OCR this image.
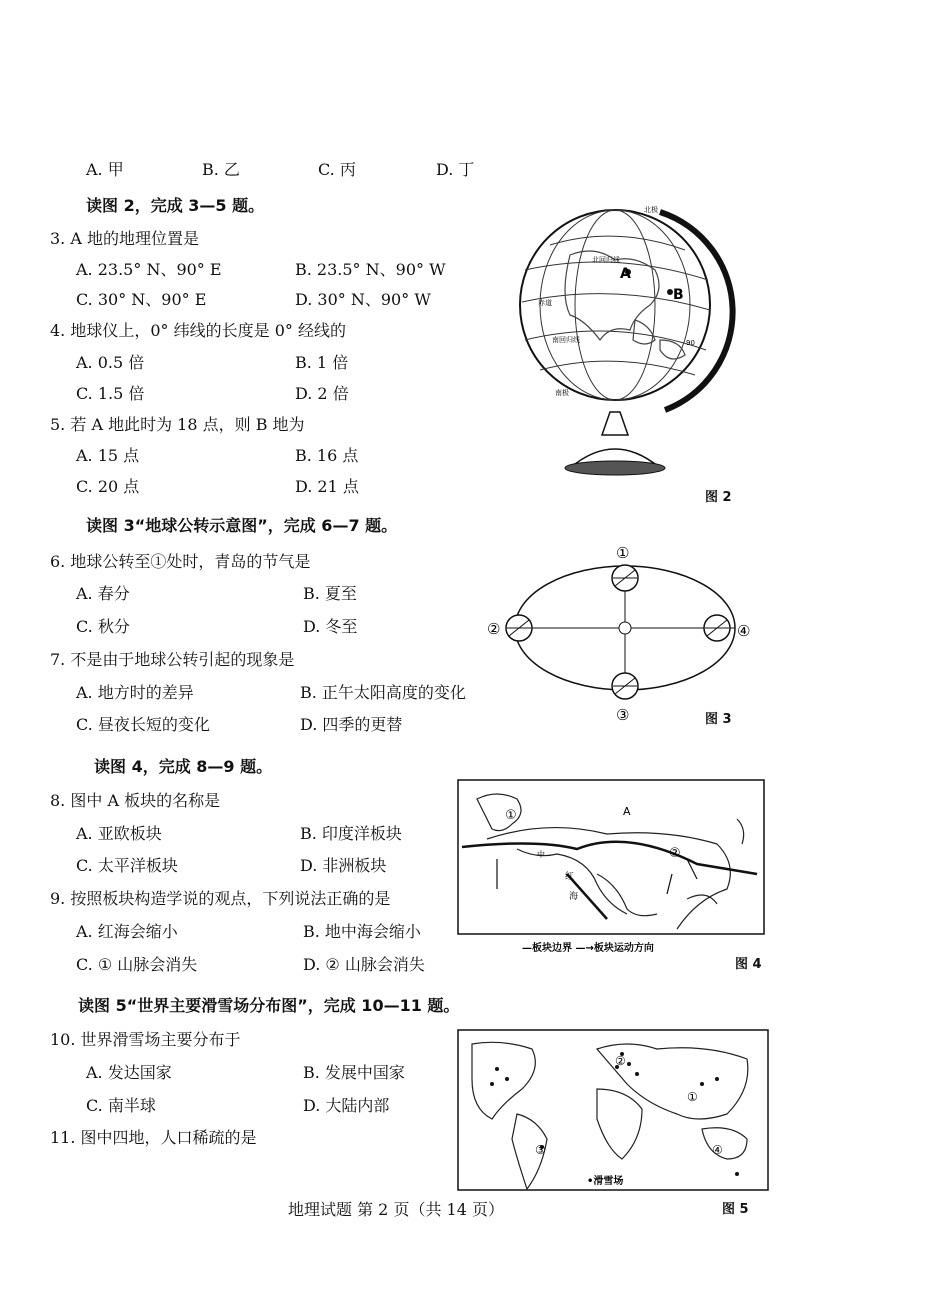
A. 甲	B. 乙	C. 丙	D. 丁
读图 2，完成 3—5 题。
3. A 地的地理位置是
A. 23.5° N、90° E	B. 23.5° N、90° W
C. 30° N、90° E	D. 30° N、90° W
4. 地球仪上，0° 纬线的长度是 0° 经线的
A. 0.5 倍	B. 1 倍
C. 1.5 倍	D. 2 倍
5. 若 A 地此时为 18 点，则 B 地为
A. 15 点	B. 16 点
C. 20 点	D. 21 点
A
B
北回归线
赤道
南回归线
北极
南极
90
图 2
读图 3“地球公转示意图”，完成 6—7 题。
6. 地球公转至①处时，青岛的节气是
A. 春分	B. 夏至
C. 秋分	D. 冬至
7. 不是由于地球公转引起的现象是
A. 地方时的差异	B. 正午太阳高度的变化
C. 昼夜长短的变化	D. 四季的更替
①
②
③
④
图 3
读图 4，完成 8—9 题。
8. 图中 A 板块的名称是
A. 亚欧板块	B. 印度洋板块
C. 太平洋板块	D. 非洲板块
9. 按照板块构造学说的观点，下列说法正确的是
A. 红海会缩小	B. 地中海会缩小
C. ① 山脉会消失	D. ② 山脉会消失
A
①
②
中
红
海
—板块边界 —→板块运动方向
图 4
读图 5“世界主要滑雪场分布图”，完成 10—11 题。
10. 世界滑雪场主要分布于
A. 发达国家	B. 发展中国家
C. 南半球	D. 大陆内部
11. 图中四地，人口稀疏的是
②
①
③	④
•滑雪场
图 5
地理试题 第 2 页（共 14 页）
